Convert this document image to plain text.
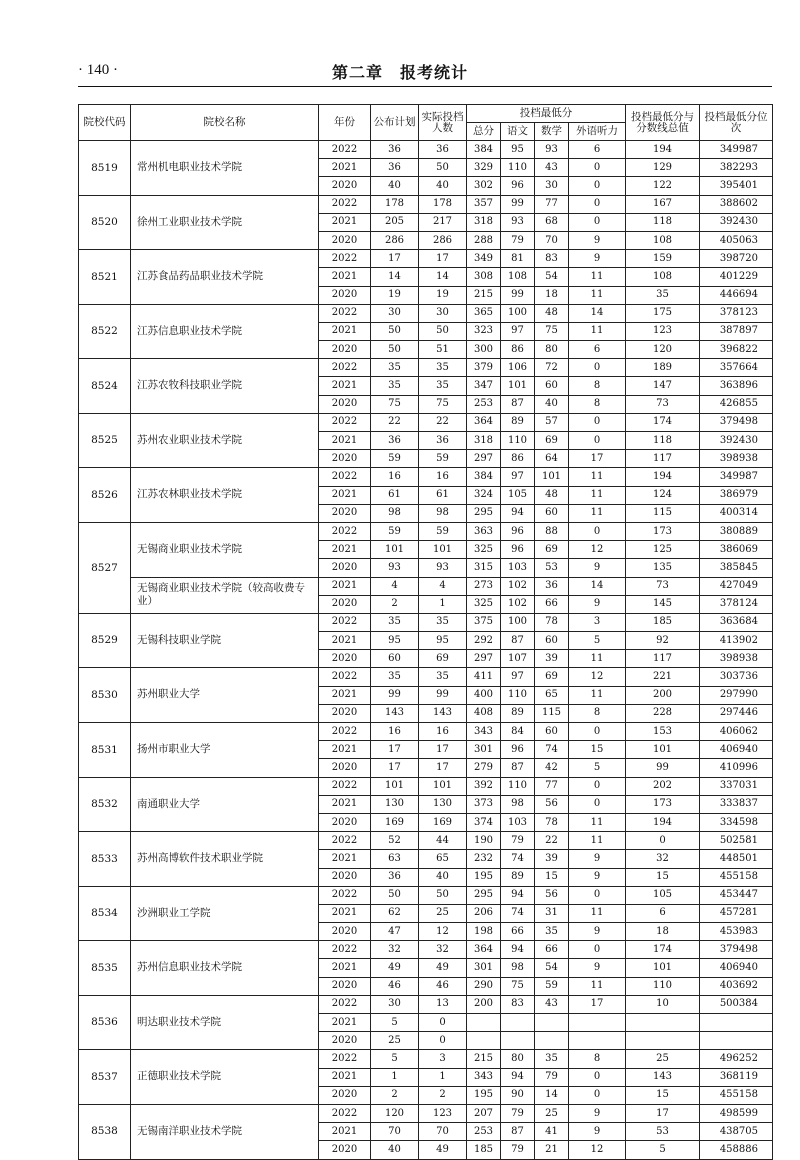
· 140 ·	第二章　报考统计
院校代码	院校名称	年份	公布计划	实际投档人数	投档最低分				投档最低分与分数线总值	投档最低分位次
					总分	语文	数学	外语听力		
8519	常州机电职业技术学院	2022	36	36	384	95	93	6	194	349987
		2021	36	50	329	110	43	0	129	382293
		2020	40	40	302	96	30	0	122	395401
8520	徐州工业职业技术学院	2022	178	178	357	99	77	0	167	388602
		2021	205	217	318	93	68	0	118	392430
		2020	286	286	288	79	70	9	108	405063
8521	江苏食品药品职业技术学院	2022	17	17	349	81	83	9	159	398720
		2021	14	14	308	108	54	11	108	401229
		2020	19	19	215	99	18	11	35	446694
8522	江苏信息职业技术学院	2022	30	30	365	100	48	14	175	378123
		2021	50	50	323	97	75	11	123	387897
		2020	50	51	300	86	80	6	120	396822
8524	江苏农牧科技职业学院	2022	35	35	379	106	72	0	189	357664
		2021	35	35	347	101	60	8	147	363896
		2020	75	75	253	87	40	8	73	426855
8525	苏州农业职业技术学院	2022	22	22	364	89	57	0	174	379498
		2021	36	36	318	110	69	0	118	392430
		2020	59	59	297	86	64	17	117	398938
8526	江苏农林职业技术学院	2022	16	16	384	97	101	11	194	349987
		2021	61	61	324	105	48	11	124	386979
		2020	98	98	295	94	60	11	115	400314
8527	无锡商业职业技术学院	2022	59	59	363	96	88	0	173	380889
		2021	101	101	325	96	69	12	125	386069
		2020	93	93	315	103	53	9	135	385845
	无锡商业职业技术学院（较高收费专业）	2021	4	4	273	102	36	14	73	427049
		2020	2	1	325	102	66	9	145	378124
8529	无锡科技职业学院	2022	35	35	375	100	78	3	185	363684
		2021	95	95	292	87	60	5	92	413902
		2020	60	69	297	107	39	11	117	398938
8530	苏州职业大学	2022	35	35	411	97	69	12	221	303736
		2021	99	99	400	110	65	11	200	297990
		2020	143	143	408	89	115	8	228	297446
8531	扬州市职业大学	2022	16	16	343	84	60	0	153	406062
		2021	17	17	301	96	74	15	101	406940
		2020	17	17	279	87	42	5	99	410996
8532	南通职业大学	2022	101	101	392	110	77	0	202	337031
		2021	130	130	373	98	56	0	173	333837
		2020	169	169	374	103	78	11	194	334598
8533	苏州高博软件技术职业学院	2022	52	44	190	79	22	11	0	502581
		2021	63	65	232	74	39	9	32	448501
		2020	36	40	195	89	15	9	15	455158
8534	沙洲职业工学院	2022	50	50	295	94	56	0	105	453447
		2021	62	25	206	74	31	11	6	457281
		2020	47	12	198	66	35	9	18	453983
8535	苏州信息职业技术学院	2022	32	32	364	94	66	0	174	379498
		2021	49	49	301	98	54	9	101	406940
		2020	46	46	290	75	59	11	110	403692
8536	明达职业技术学院	2022	30	13	200	83	43	17	10	500384
		2021	5	0						
		2020	25	0						
8537	正德职业技术学院	2022	5	3	215	80	35	8	25	496252
		2021	1	1	343	94	79	0	143	368119
		2020	2	2	195	90	14	0	15	455158
8538	无锡南洋职业技术学院	2022	120	123	207	79	25	9	17	498599
		2021	70	70	253	87	41	9	53	438705
		2020	40	49	185	79	21	12	5	458886
